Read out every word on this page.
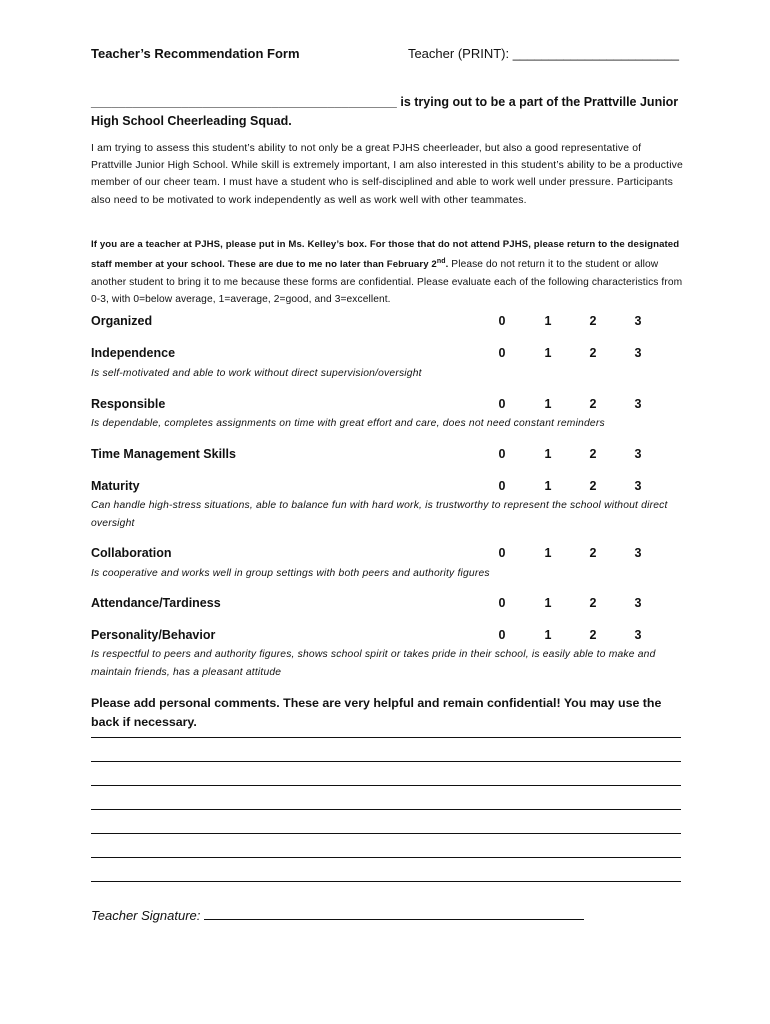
Teacher’s Recommendation Form	Teacher (PRINT): _______________________
____________________________________________ is trying out to be a part of the Prattville Junior High School Cheerleading Squad.
I am trying to assess this student’s ability to not only be a great PJHS cheerleader, but also a good representative of Prattville Junior High School. While skill is extremely important, I am also interested in this student’s ability to be a productive member of our cheer team. I must have a student who is self-disciplined and able to work well under pressure. Participants also need to be motivated to work independently as well as work well with other teammates.
If you are a teacher at PJHS, please put in Ms. Kelley’s box. For those that do not attend PJHS, please return to the designated staff member at your school. These are due to me no later than February 2nd. Please do not return it to the student or allow another student to bring it to me because these forms are confidential. Please evaluate each of the following characteristics from 0-3, with 0=below average, 1=average, 2=good, and 3=excellent.
Organized	0	1	2	3
Independence	0	1	2	3
Is self-motivated and able to work without direct supervision/oversight
Responsible	0	1	2	3
Is dependable, completes assignments on time with great effort and care, does not need constant reminders
Time Management Skills	0	1	2	3
Maturity	0	1	2	3
Can handle high-stress situations, able to balance fun with hard work, is trustworthy to represent the school without direct oversight
Collaboration	0	1	2	3
Is cooperative and works well in group settings with both peers and authority figures
Attendance/Tardiness	0	1	2	3
Personality/Behavior	0	1	2	3
Is respectful to peers and authority figures, shows school spirit or takes pride in their school, is easily able to make and maintain friends, has a pleasant attitude
Please add personal comments. These are very helpful and remain confidential! You may use the back if necessary.
Teacher Signature:
